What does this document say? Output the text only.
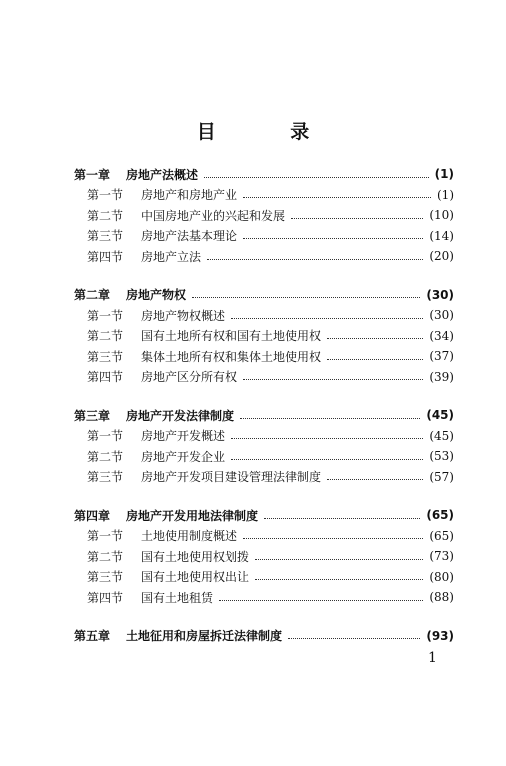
目 录
第一章	房地产法概述	(1)
第一节	房地产和房地产业	(1)
第二节	中国房地产业的兴起和发展	(10)
第三节	房地产法基本理论	(14)
第四节	房地产立法	(20)
第二章	房地产物权	(30)
第一节	房地产物权概述	(30)
第二节	国有土地所有权和国有土地使用权	(34)
第三节	集体土地所有权和集体土地使用权	(37)
第四节	房地产区分所有权	(39)
第三章	房地产开发法律制度	(45)
第一节	房地产开发概述	(45)
第二节	房地产开发企业	(53)
第三节	房地产开发项目建设管理法律制度	(57)
第四章	房地产开发用地法律制度	(65)
第一节	土地使用制度概述	(65)
第二节	国有土地使用权划拨	(73)
第三节	国有土地使用权出让	(80)
第四节	国有土地租赁	(88)
第五章	土地征用和房屋拆迁法律制度	(93)
1
